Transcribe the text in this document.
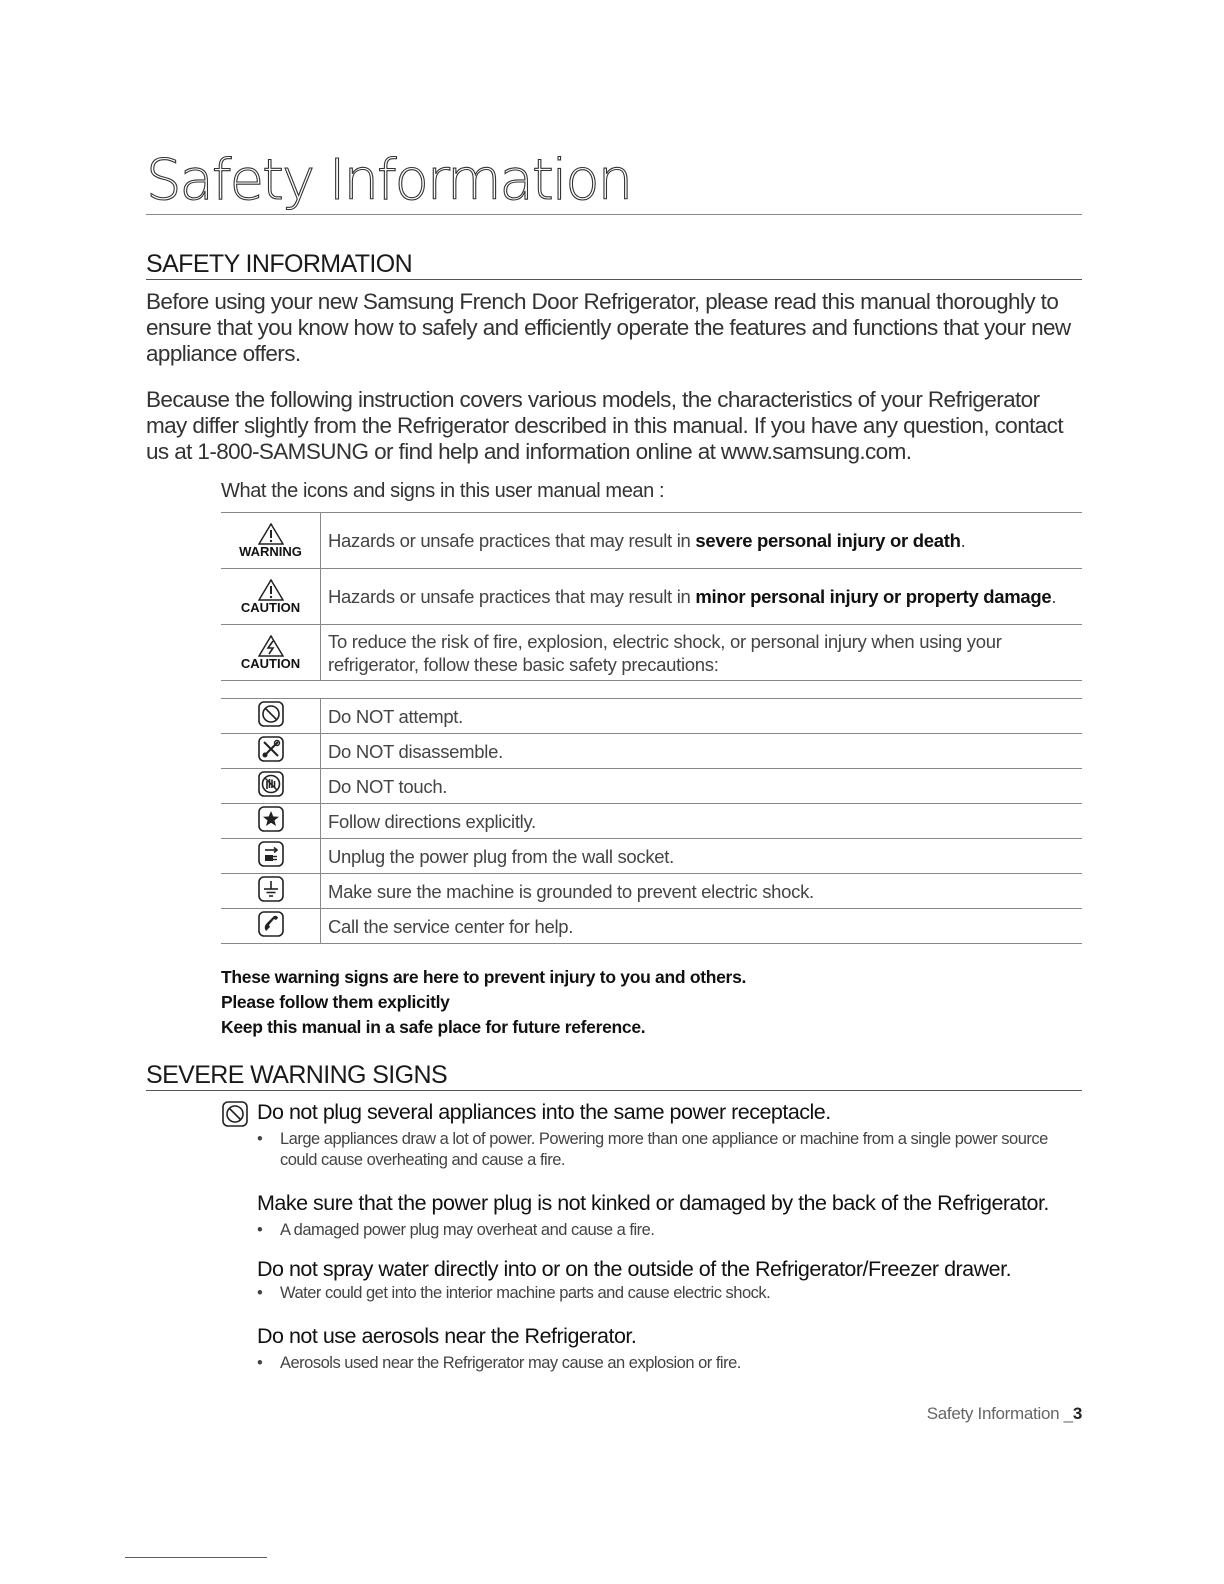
Safety Information
SAFETY INFORMATION

Before using your new Samsung French Door Refrigerator, please read this manual thoroughly to ensure that you know how to safely and efficiently operate the features and functions that your new appliance offers.

Because the following instruction covers various models, the characteristics of your Refrigerator may differ slightly from the Refrigerator described in this manual. If you have any question, contact us at 1-800-SAMSUNG or find help and information online at www.samsung.com.

What the icons and signs in this user manual mean :
WARNING	Hazards or unsafe practices that may result in severe personal injury or death.

CAUTION	Hazards or unsafe practices that may result in minor personal injury or property damage.

CAUTION	To reduce the risk of fire, explosion, electric shock, or personal injury when using your refrigerator, follow these basic safety precautions:
	Do NOT attempt.
	Do NOT disassemble.
	Do NOT touch.
	Follow directions explicitly.
	Unplug the power plug from the wall socket.
	Make sure the machine is grounded to prevent electric shock.
	Call the service center for help.
These warning signs are here to prevent injury to you and others.
Please follow them explicitly
Keep this manual in a safe place for future reference.
SEVERE WARNING SIGNS
Do not plug several appliances into the same power receptacle.
• Large appliances draw a lot of power. Powering more than one appliance or machine from a single power source could cause overheating and cause a fire.
Make sure that the power plug is not kinked or damaged by the back of the Refrigerator.
• A damaged power plug may overheat and cause a fire.
Do not spray water directly into or on the outside of the Refrigerator/Freezer drawer.
• Water could get into the interior machine parts and cause electric shock.
Do not use aerosols near the Refrigerator.
• Aerosols used near the Refrigerator may cause an explosion or fire.
Safety Information _3
